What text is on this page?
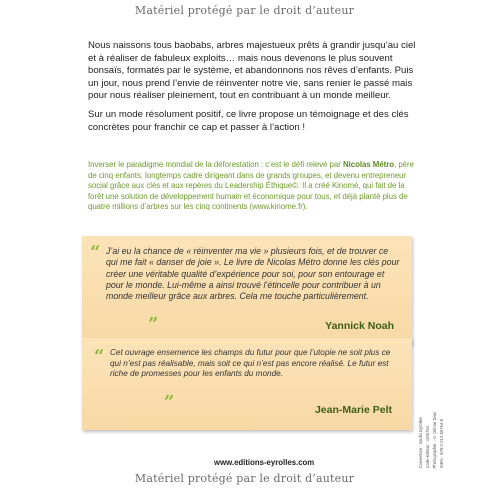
Matériel protégé par le droit d’auteur

Nous naissons tous baobabs, arbres majestueux prêts à grandir jusqu’au ciel et à réaliser de fabuleux exploits… mais nous devenons le plus souvent bonsaïs, formatés par le système, et abandonnons nos rêves d’enfants. Puis un jour, nous prend l’envie de réinventer notre vie, sans renier le passé mais pour nous réaliser pleinement, tout en contribuant à un monde meilleur.

Sur un mode résolument positif, ce livre propose un témoignage et des clés concrètes pour franchir ce cap et passer à l’action !

Inverser le paradigme mondial de la déforestation : c’est le défi relevé par Nicolas Métro, père de cinq enfants, longtemps cadre dirigeant dans de grands groupes, et devenu entrepreneur social grâce aux clés et aux repères du Leadership Éthique©. Il a créé Kinomé, qui fait de la forêt une solution de développement humain et économique pour tous, et déjà planté plus de quatre millions d’arbres sur les cinq continents (www.kinome.fr).

“ J’ai eu la chance de « réinventer ma vie » plusieurs fois, et de trouver ce qui me fait « danser de joie ». Le livre de Nicolas Métro donne les clés pour créer une véritable qualité d’expérience pour soi, pour son entourage et pour le monde. Lui-même a ainsi trouvé l’étincelle pour contribuer à un monde meilleur grâce aux arbres. Cela me touche particulièrement.

”	Yannick Noah
“ Cet ouvrage ensemence les champs du futur pour que l’utopie ne soit plus ce qui n’est pas réalisable, mais soit ce qui n’est pas encore réalisé. Le futur est riche de promesses pour les enfants du monde.

”	Jean-Marie Pelt
www.editions-eyrolles.com	Couverture : studio Eyrolles Code éditeur : G55764 Photographie : © Gilmar Dias ISBN : 978-2-212-55764-8
Matériel protégé par le droit d’auteur
